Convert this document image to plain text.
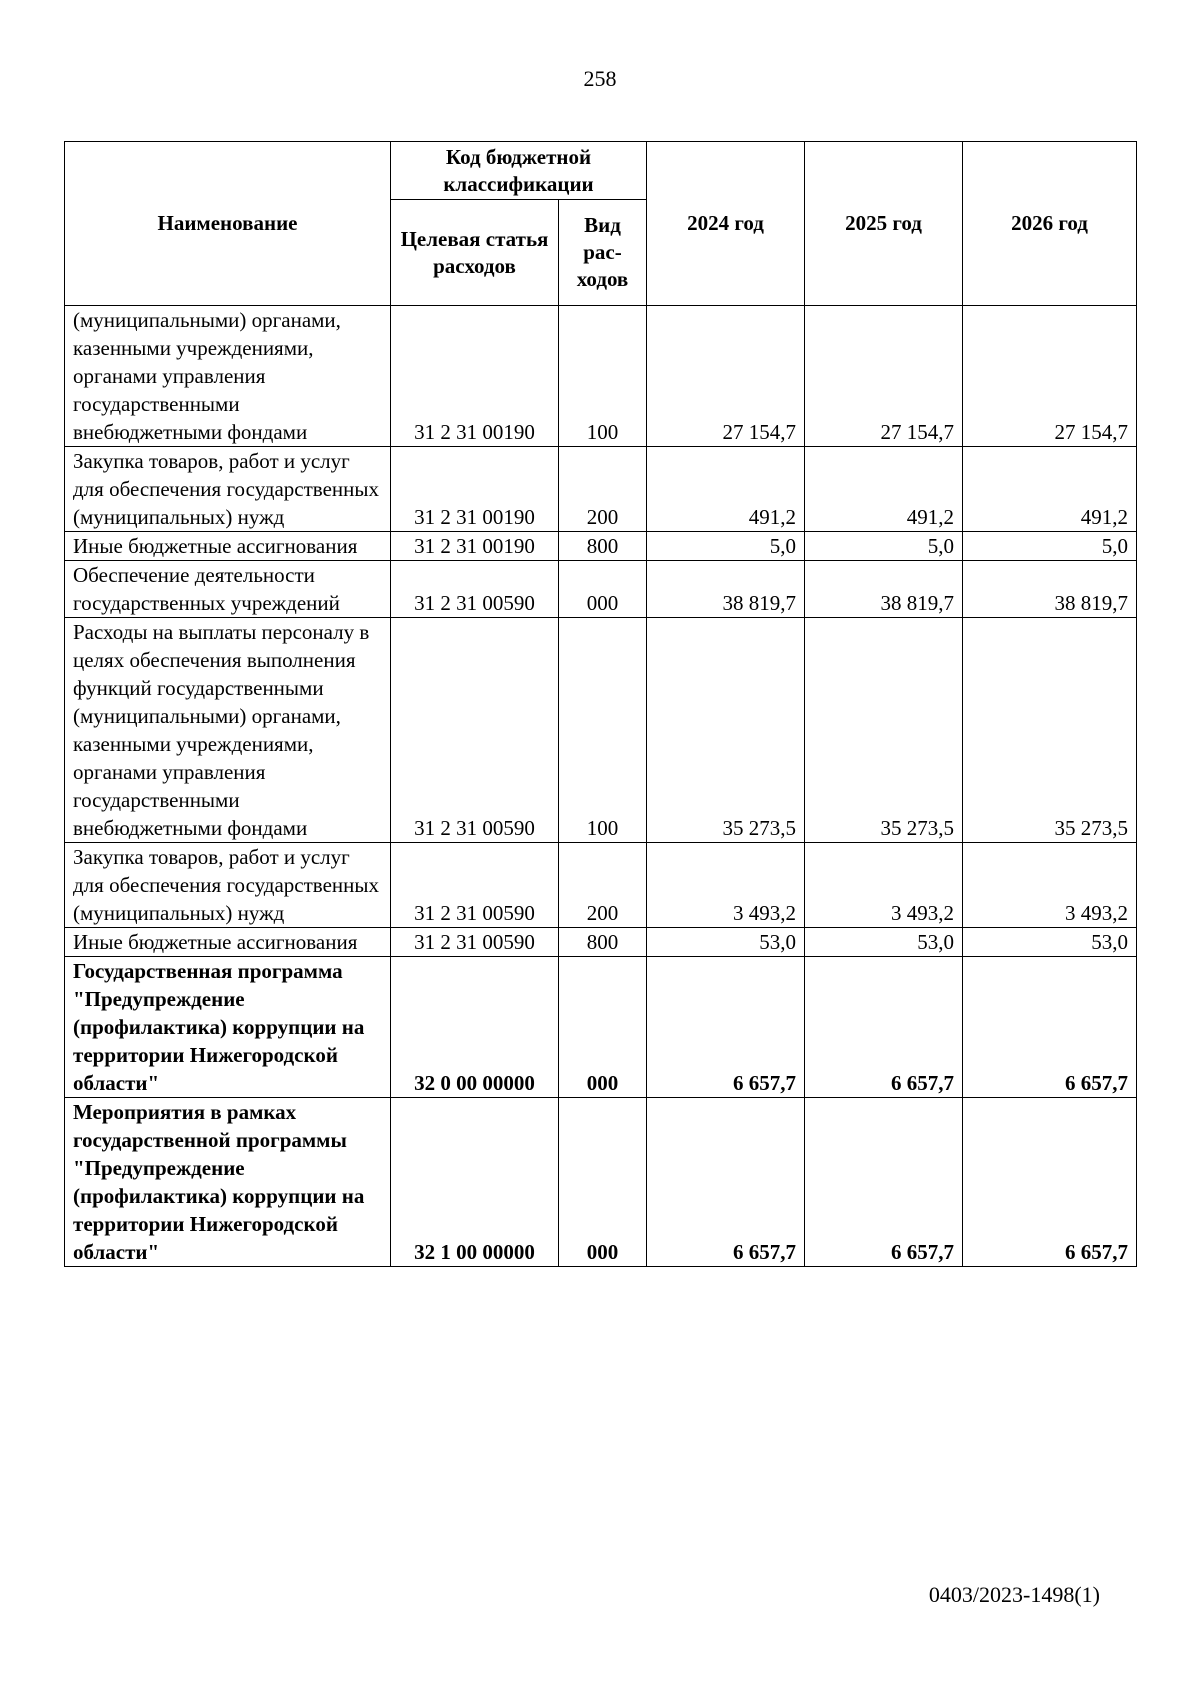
258
Наименование	Код бюджетной классификации		2024 год	2025 год	2026 год
	Целевая статья расходов	Вид рас-ходов			
(муниципальными) органами, казенными учреждениями, органами управления государственными внебюджетными фондами	31 2 31 00190	100	27 154,7	27 154,7	27 154,7
Закупка товаров, работ и услуг для обеспечения государственных (муниципальных) нужд	31 2 31 00190	200	491,2	491,2	491,2
Иные бюджетные ассигнования	31 2 31 00190	800	5,0	5,0	5,0
Обеспечение деятельности государственных учреждений	31 2 31 00590	000	38 819,7	38 819,7	38 819,7
Расходы на выплаты персоналу в целях обеспечения выполнения функций государственными (муниципальными) органами, казенными учреждениями, органами управления государственными внебюджетными фондами	31 2 31 00590	100	35 273,5	35 273,5	35 273,5
Закупка товаров, работ и услуг для обеспечения государственных (муниципальных) нужд	31 2 31 00590	200	3 493,2	3 493,2	3 493,2
Иные бюджетные ассигнования	31 2 31 00590	800	53,0	53,0	53,0
Государственная программа "Предупреждение (профилактика) коррупции на территории Нижегородской области"	32 0 00 00000	000	6 657,7	6 657,7	6 657,7
Мероприятия в рамках государственной программы "Предупреждение (профилактика) коррупции на территории Нижегородской области"	32 1 00 00000	000	6 657,7	6 657,7	6 657,7
0403/2023-1498(1)
